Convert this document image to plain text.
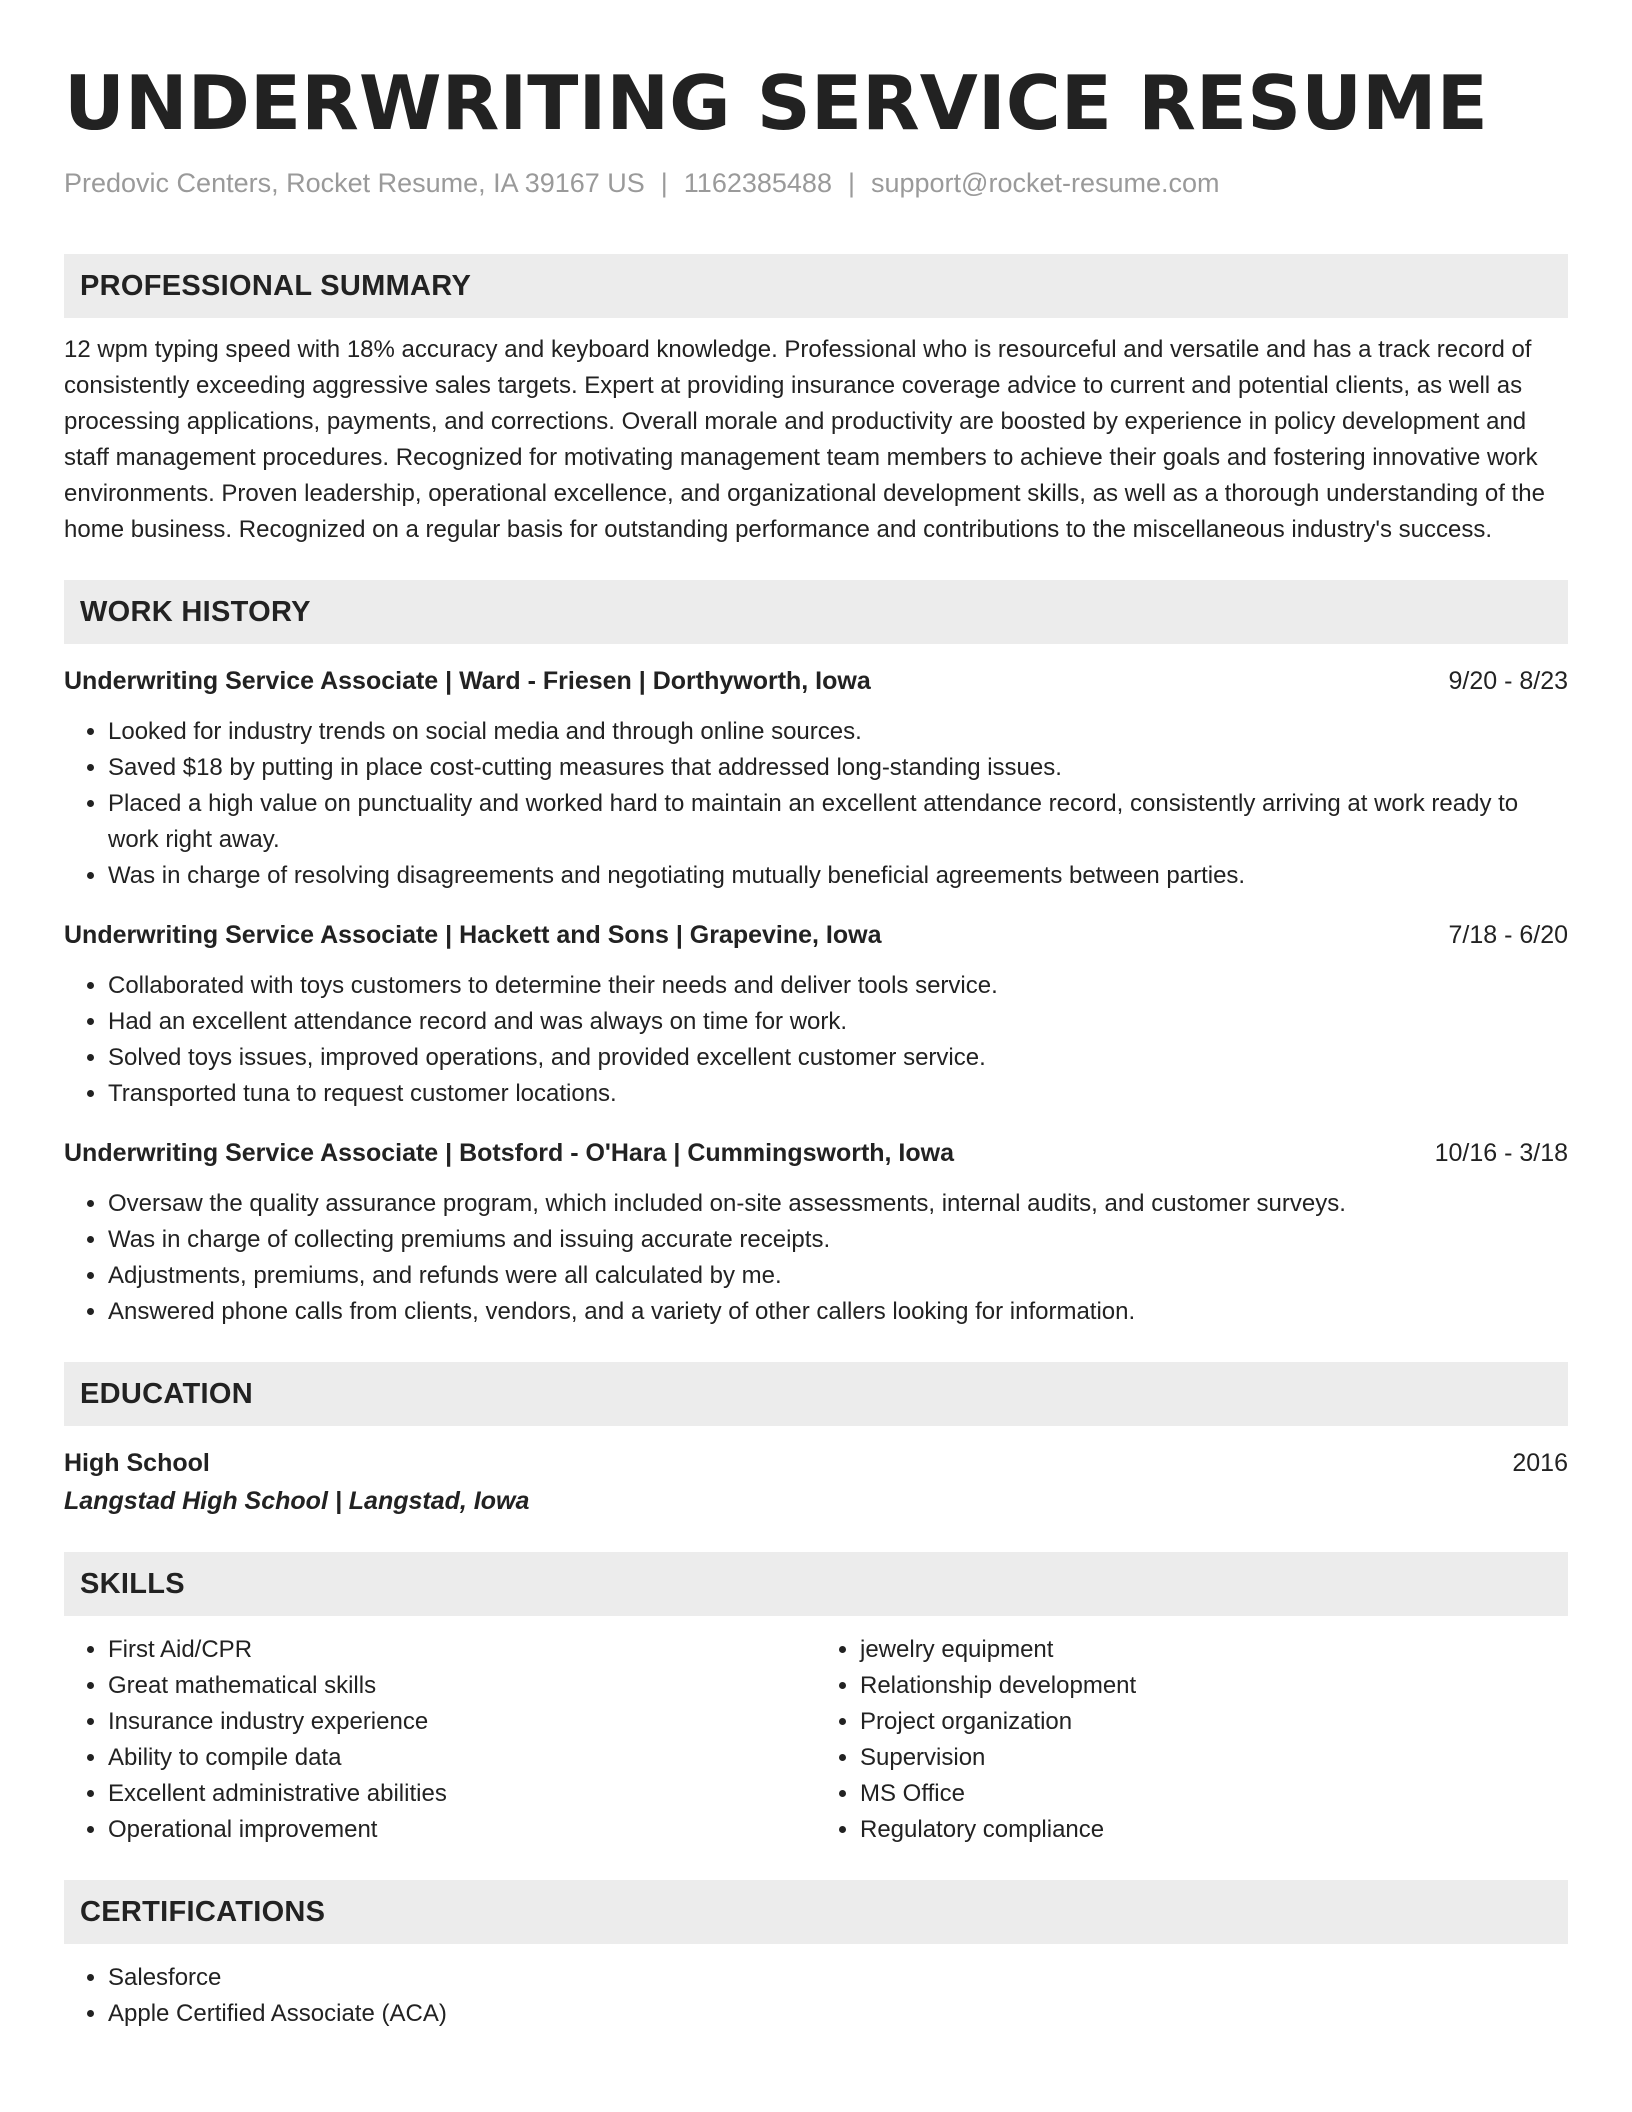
UNDERWRITING SERVICE RESUME
Predovic Centers, Rocket Resume, IA 39167 US | 1162385488 | support@rocket-resume.com
PROFESSIONAL SUMMARY

12 wpm typing speed with 18% accuracy and keyboard knowledge. Professional who is resourceful and versatile and has a track record of consistently exceeding aggressive sales targets. Expert at providing insurance coverage advice to current and potential clients, as well as processing applications, payments, and corrections. Overall morale and productivity are boosted by experience in policy development and staff management procedures. Recognized for motivating management team members to achieve their goals and fostering innovative work environments. Proven leadership, operational excellence, and organizational development skills, as well as a thorough understanding of the home business. Recognized on a regular basis for outstanding performance and contributions to the miscellaneous industry's success.

WORK HISTORY
Underwriting Service Associate | Ward - Friesen | Dorthyworth, Iowa	9/20 - 8/23
• Looked for industry trends on social media and through online sources.
• Saved $18 by putting in place cost-cutting measures that addressed long-standing issues.
• Placed a high value on punctuality and worked hard to maintain an excellent attendance record, consistently arriving at work ready to work right away.
• Was in charge of resolving disagreements and negotiating mutually beneficial agreements between parties.
Underwriting Service Associate | Hackett and Sons | Grapevine, Iowa	7/18 - 6/20
• Collaborated with toys customers to determine their needs and deliver tools service.
• Had an excellent attendance record and was always on time for work.
• Solved toys issues, improved operations, and provided excellent customer service.
• Transported tuna to request customer locations.
Underwriting Service Associate | Botsford - O'Hara | Cummingsworth, Iowa	10/16 - 3/18
• Oversaw the quality assurance program, which included on-site assessments, internal audits, and customer surveys.
• Was in charge of collecting premiums and issuing accurate receipts.
• Adjustments, premiums, and refunds were all calculated by me.
• Answered phone calls from clients, vendors, and a variety of other callers looking for information.
EDUCATION
High School	2016
Langstad High School | Langstad, Iowa
SKILLS
• First Aid/CPR
• Great mathematical skills
• Insurance industry experience
• Ability to compile data
• Excellent administrative abilities
• Operational improvement
• jewelry equipment
• Relationship development
• Project organization
• Supervision
• MS Office
• Regulatory compliance
CERTIFICATIONS
• Salesforce
• Apple Certified Associate (ACA)
